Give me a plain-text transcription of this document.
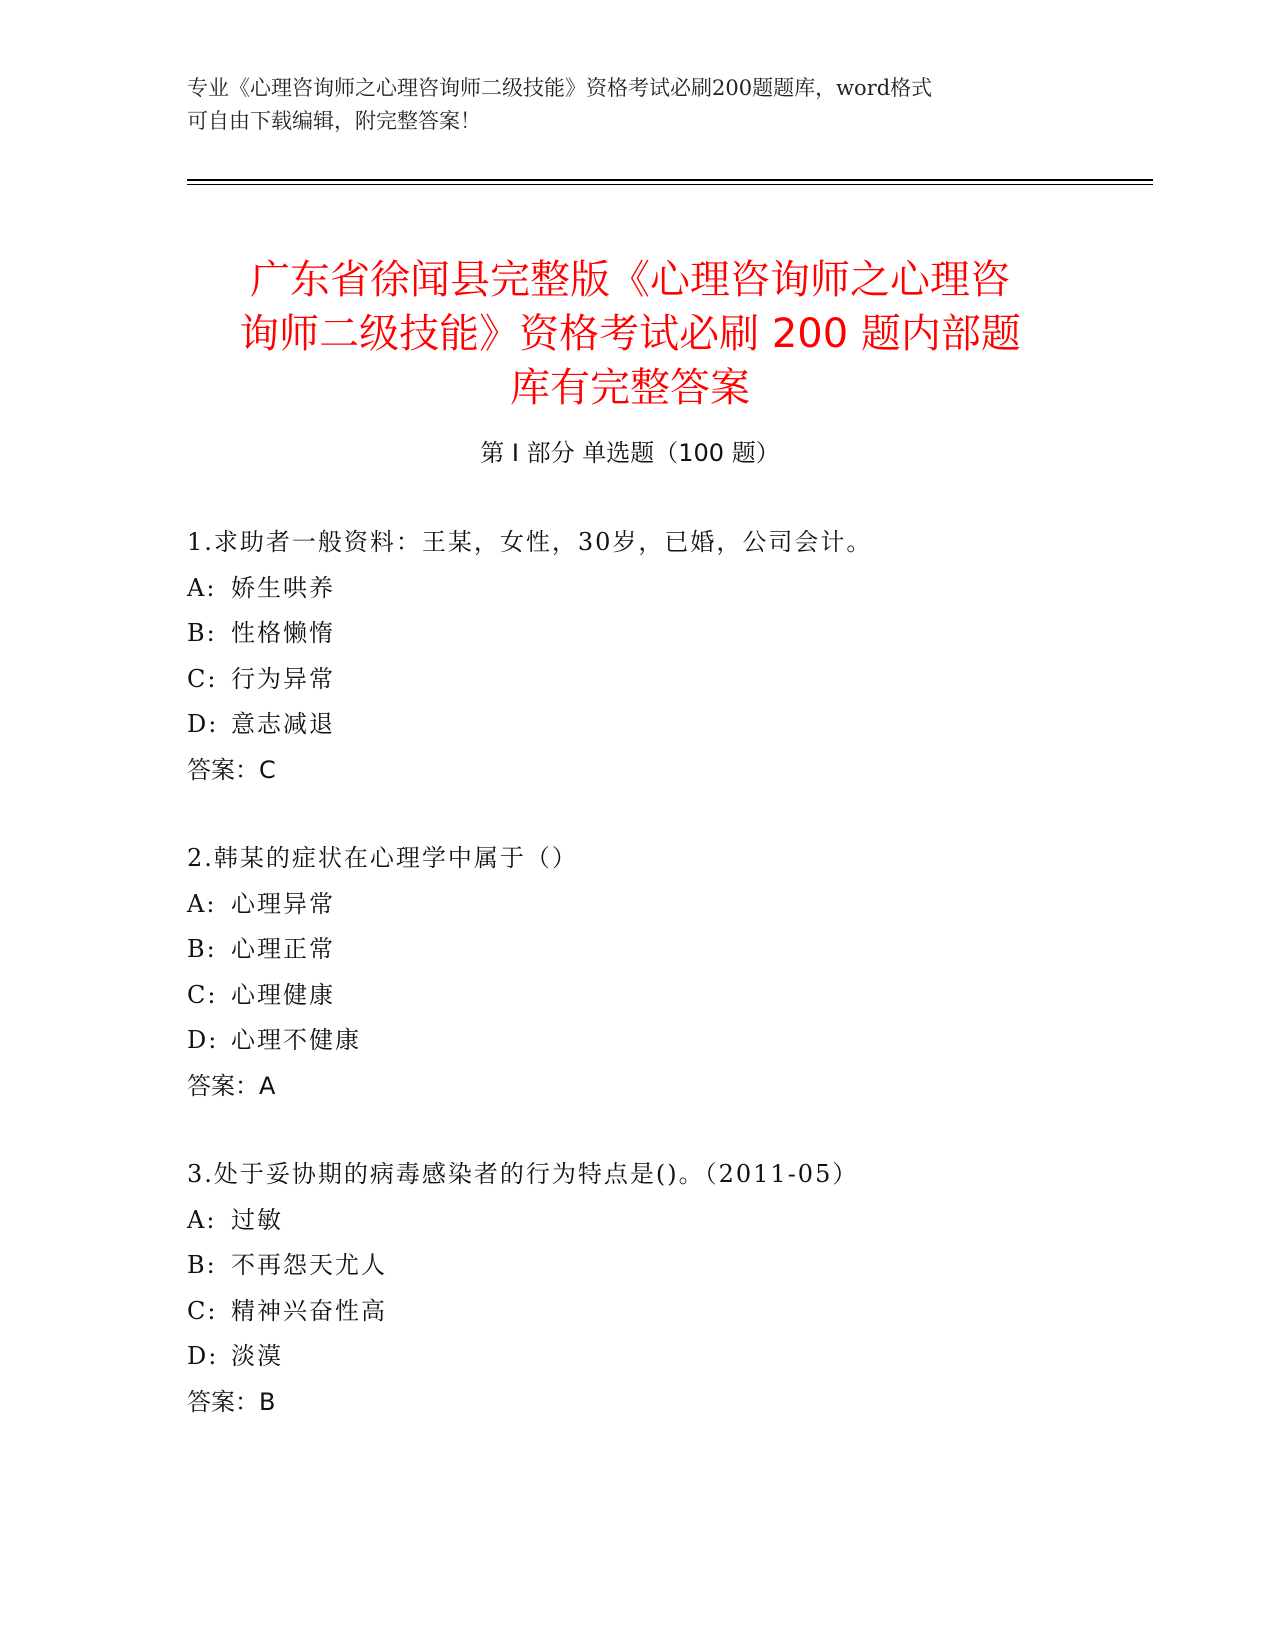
专业《心理咨询师之心理咨询师二级技能》资格考试必刷200题题库，word格式
可自由下载编辑，附完整答案！
广东省徐闻县完整版《心理咨询师之心理咨
询师二级技能》资格考试必刷 200 题内部题
库有完整答案
第 I 部分 单选题（100 题）
1.求助者一般资料：王某，女性，30岁，已婚，公司会计。
A: 娇生哄养
B: 性格懒惰
C: 行为异常
D: 意志减退
答案：C
2.韩某的症状在心理学中属于（）
A: 心理异常
B: 心理正常
C: 心理健康
D: 心理不健康
答案：A
3.处于妥协期的病毒感染者的行为特点是()。（2011-05）
A: 过敏
B: 不再怨天尤人
C: 精神兴奋性高
D: 淡漠
答案：B
